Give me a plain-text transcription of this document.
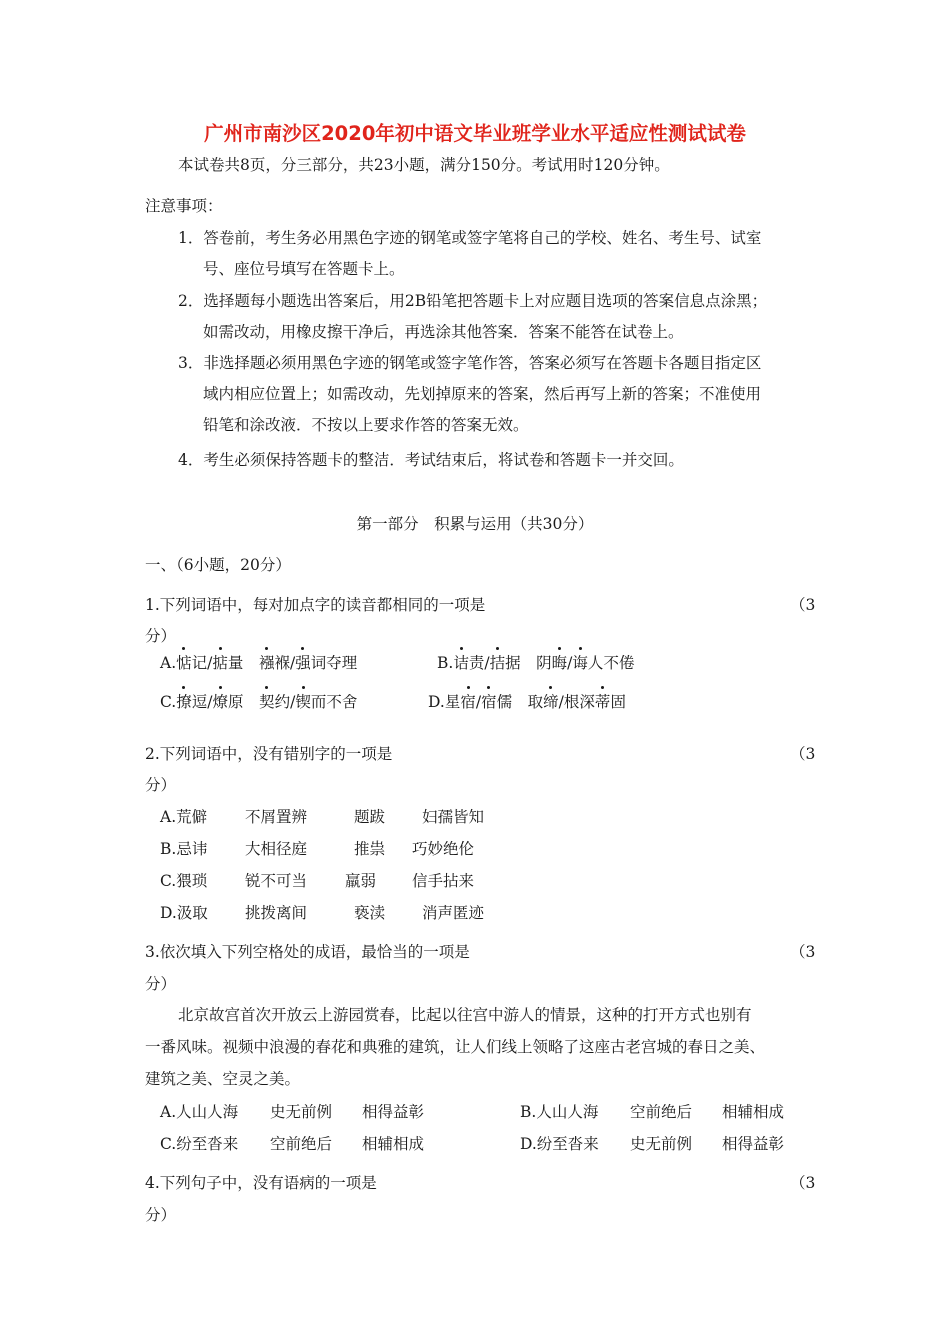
广州市南沙区2020年初中语文毕业班学业水平适应性测试试卷
本试卷共8页，分三部分，共23小题，满分150分。考试用时120分钟。
注意事项：
1．答卷前，考生务必用黑色字迹的钢笔或签字笔将自己的学校、姓名、考生号、试室
号、座位号填写在答题卡上。
2．选择题每小题选出答案后，用2B铅笔把答题卡上对应题目选项的答案信息点涂黑；
如需改动，用橡皮擦干净后，再选涂其他答案．答案不能答在试卷上。
3．非选择题必须用黑色字迹的钢笔或签字笔作答，答案必须写在答题卡各题目指定区
域内相应位置上；如需改动，先划掉原来的答案，然后再写上新的答案；不准使用
铅笔和涂改液．不按以上要求作答的答案无效。
4．考生必须保持答题卡的整洁．考试结束后，将试卷和答题卡一并交回。
第一部分　积累与运用（共30分）
一、（6小题，20分）
1.下列词语中，每对加点字的读音都相同的一项是	（3
分）
A.惦记/掂量　 襁褓/强词夺理	B.诘责/拮据　 阴晦/诲人不倦
C.撩逗/燎原　 契约/锲而不舍	D.星宿/宿儒　 取缔/根深蒂固
2.下列词语中，没有错别字的一项是	（3
分）
A.荒僻 不屑置辨	题跋 妇孺皆知
B.忌讳 大相径庭	推祟 巧妙绝伦
C.猥琐 锐不可当 羸弱 信手拈来
D.汲取 挑拨离间	亵渎 消声匿迹
3.依次填入下列空格处的成语，最恰当的一项是	（3
分）
北京故宫首次开放云上游园赏春，比起以往宫中游人的情景，这种的打开方式也别有
一番风味。视频中浪漫的春花和典雅的建筑，让人们线上领略了这座古老宫城的春日之美、
建筑之美、空灵之美。
A.人山人海 史无前例 相得益彰	B.人山人海 空前绝后 相辅相成
C.纷至沓来 空前绝后 相辅相成	D.纷至沓来 史无前例 相得益彰
4.下列句子中，没有语病的一项是	（3
分）
